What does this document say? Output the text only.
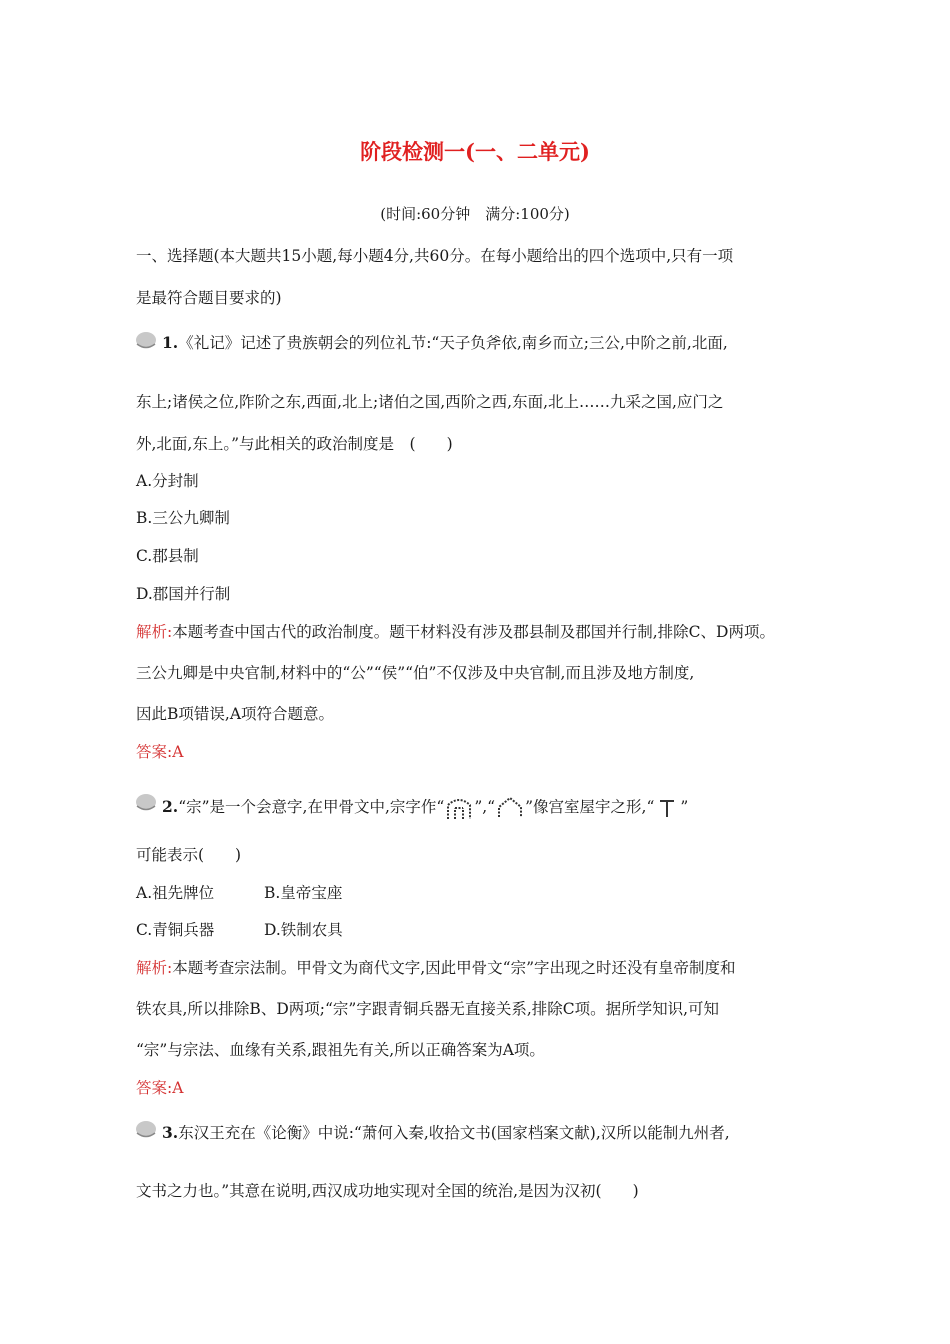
阶段检测一(一、二单元)
(时间:60分钟　满分:100分)
一、选择题(本大题共15小题,每小题4分,共60分。在每小题给出的四个选项中,只有一项
是最符合题目要求的)
1.《礼记》记述了贵族朝会的列位礼节:“天子负斧依,南乡而立;三公,中阶之前,北面,
东上;诸侯之位,阼阶之东,西面,北上;诸伯之国,西阶之西,东面,北上……九采之国,应门之
外,北面,东上。”与此相关的政治制度是　(　　)
A.分封制
B.三公九卿制
C.郡县制
D.郡国并行制
解析:本题考查中国古代的政治制度。题干材料没有涉及郡县制及郡国并行制,排除C、D两项。
三公九卿是中央官制,材料中的“公”“侯”“伯”不仅涉及中央官制,而且涉及地方制度,
因此B项错误,A项符合题意。
答案:A
2.“宗”是一个会意字,在甲骨文中,宗字作“ ”,“ ”像宫室屋宇之形,“ ”
可能表示(　　)
A.祖先牌位	B.皇帝宝座
C.青铜兵器	D.铁制农具
解析:本题考查宗法制。甲骨文为商代文字,因此甲骨文“宗”字出现之时还没有皇帝制度和
铁农具,所以排除B、D两项;“宗”字跟青铜兵器无直接关系,排除C项。据所学知识,可知
“宗”与宗法、血缘有关系,跟祖先有关,所以正确答案为A项。
答案:A
3.东汉王充在《论衡》中说:“萧何入秦,收拾文书(国家档案文献),汉所以能制九州者,
文书之力也。”其意在说明,西汉成功地实现对全国的统治,是因为汉初(　　)
